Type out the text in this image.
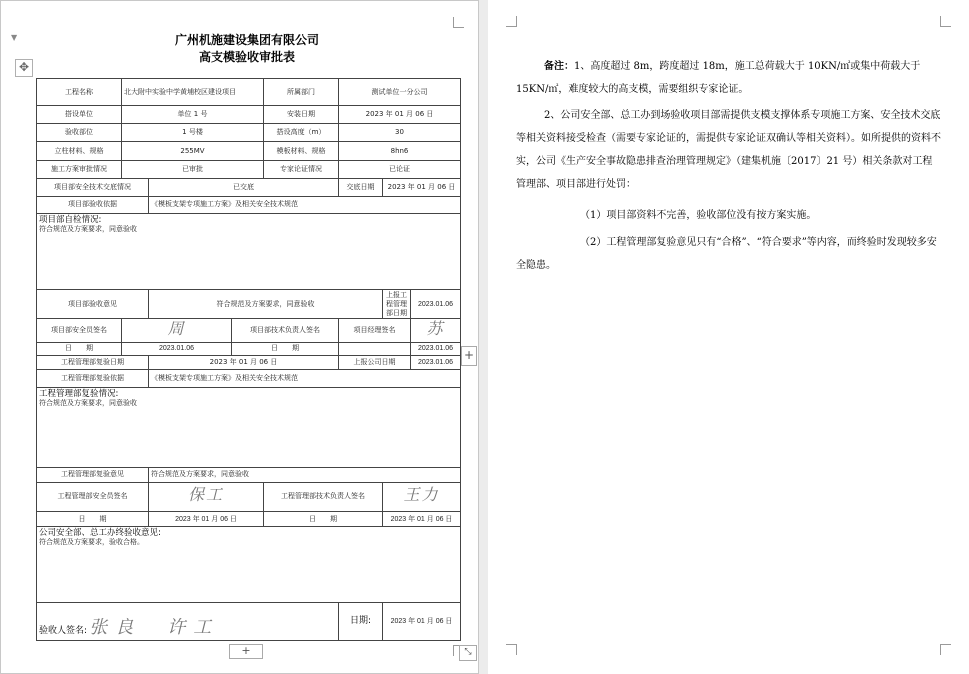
▼
✥
广州机施建设集团有限公司
高支模验收审批表
工程名称	北大附中实验中学黄埔校区建设项目			所属部门	测试单位一分公司		
搭设单位	单位 1 号			安装日期	2023 年 01 月 06 日		
验收部位	1 号楼			搭设高度（m）	30		
立柱材料、规格	255MV			模板材料、规格	8hn6		
施工方案审批情况	已审批			专家论证情况	已论证		
项目部安全技术交底情况		已交底			交底日期	2023 年 01 月 06 日	
项目部验收依据		《模板支架专项施工方案》及相关安全技术规范					

项目部自检情况:
符合规范及方案要求，同意验收							
项目部验收意见		符合规范及方案要求，同意验收				上报工程管理部日期	2023.01.06
项目部安全员签名	周		项目部技术负责人签名		项目经理签名		苏
日　　期	2023.01.06		日　　期				2023.01.06
工程管理部复验日期		2023 年 01 月 06 日			上报公司日期		2023.01.06
工程管理部复验依据		《模板支架专项施工方案》及相关安全技术规范					

工程管理部复验情况:
符合规范及方案要求，同意验收							
工程管理部复验意见		符合规范及方案要求，同意验收					
工程管理部安全员签名		保工		工程管理部技术负责人签名		王力	
日　　期		2023 年 01 月 06 日		日　　期		2023 年 01 月 06 日	

公司安全部、总工办终验收意见:
符合规范及方案要求，验收合格。							
验收人签名: 张良　许工					日期:	2023 年 01 月 06 日	
+
+	⤡
备注：1、高度超过 8m，跨度超过 18m，施工总荷载大于 10KN/㎡或集中荷载大于 15KN/㎡，难度较大的高支模，需要组织专家论证。
2、公司安全部、总工办到场验收项目部需提供支模支撑体系专项施工方案、安全技术交底等相关资料接受检查（需要专家论证的，需提供专家论证双确认等相关资料）。如所提供的资料不实，公司《生产安全事故隐患排查治理管理规定》（建集机施〔2017〕21 号）相关条款对工程管理部、项目部进行处罚：
（1）项目部资料不完善，验收部位没有按方案实施。
（2）工程管理部复验意见只有“合格”、“符合要求”等内容，而终验时发现较多安全隐患。
